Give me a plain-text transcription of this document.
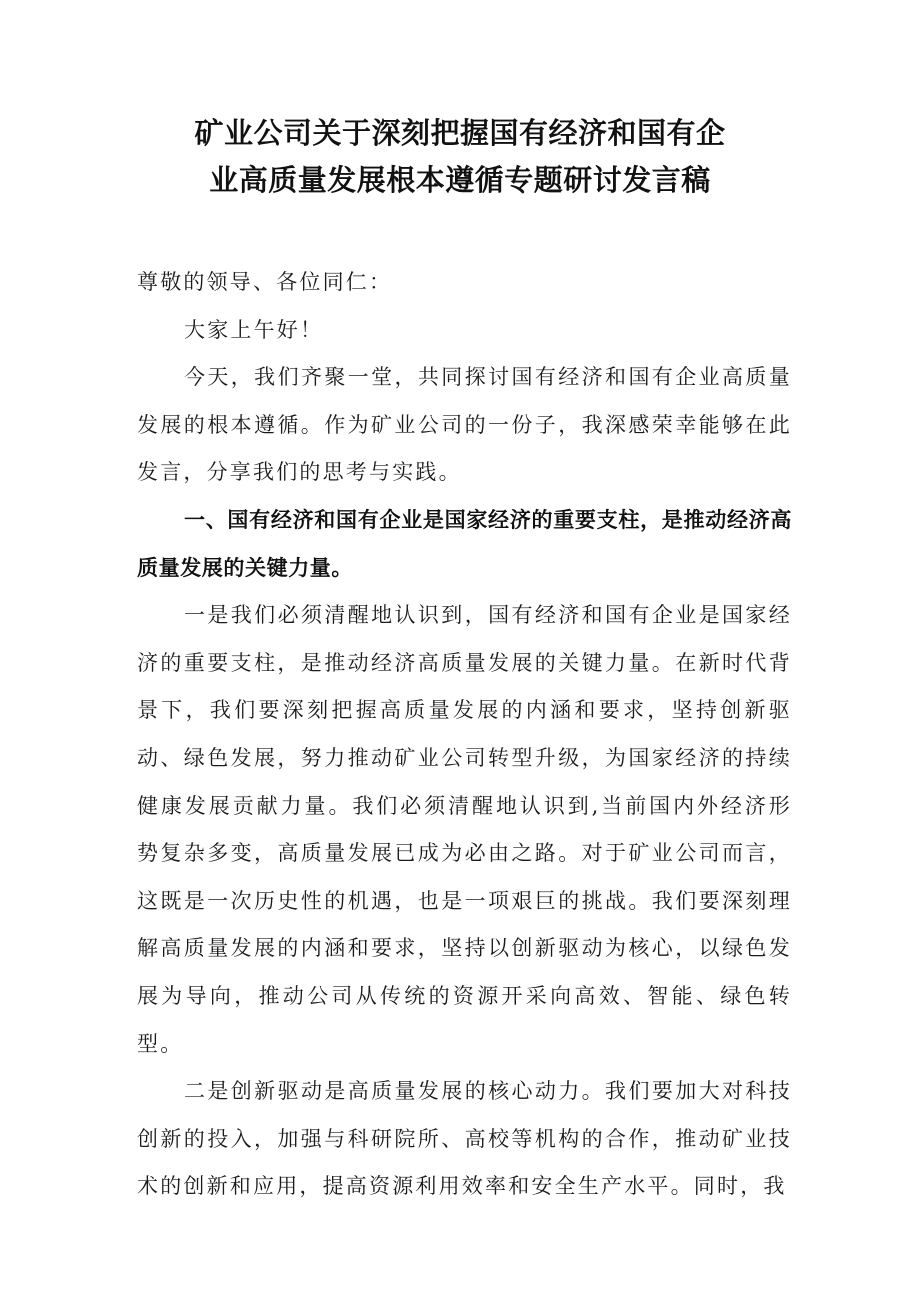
矿业公司关于深刻把握国有经济和国有企
业高质量发展根本遵循专题研讨发言稿

尊敬的领导、各位同仁：

大家上午好！

今天，我们齐聚一堂，共同探讨国有经济和国有企业高质量发展的根本遵循。作为矿业公司的一份子，我深感荣幸能够在此发言，分享我们的思考与实践。

一、国有经济和国有企业是国家经济的重要支柱，是推动经济高质量发展的关键力量。

一是我们必须清醒地认识到，国有经济和国有企业是国家经济的重要支柱，是推动经济高质量发展的关键力量。在新时代背景下，我们要深刻把握高质量发展的内涵和要求，坚持创新驱动、绿色发展，努力推动矿业公司转型升级，为国家经济的持续健康发展贡献力量。我们必须清醒地认识到,当前国内外经济形势复杂多变，高质量发展已成为必由之路。对于矿业公司而言，这既是一次历史性的机遇，也是一项艰巨的挑战。我们要深刻理解高质量发展的内涵和要求，坚持以创新驱动为核心，以绿色发展为导向，推动公司从传统的资源开采向高效、智能、绿色转型。

二是创新驱动是高质量发展的核心动力。我们要加大对科技创新的投入，加强与科研院所、高校等机构的合作，推动矿业技术的创新和应用，提高资源利用效率和安全生产水平。同时，我
